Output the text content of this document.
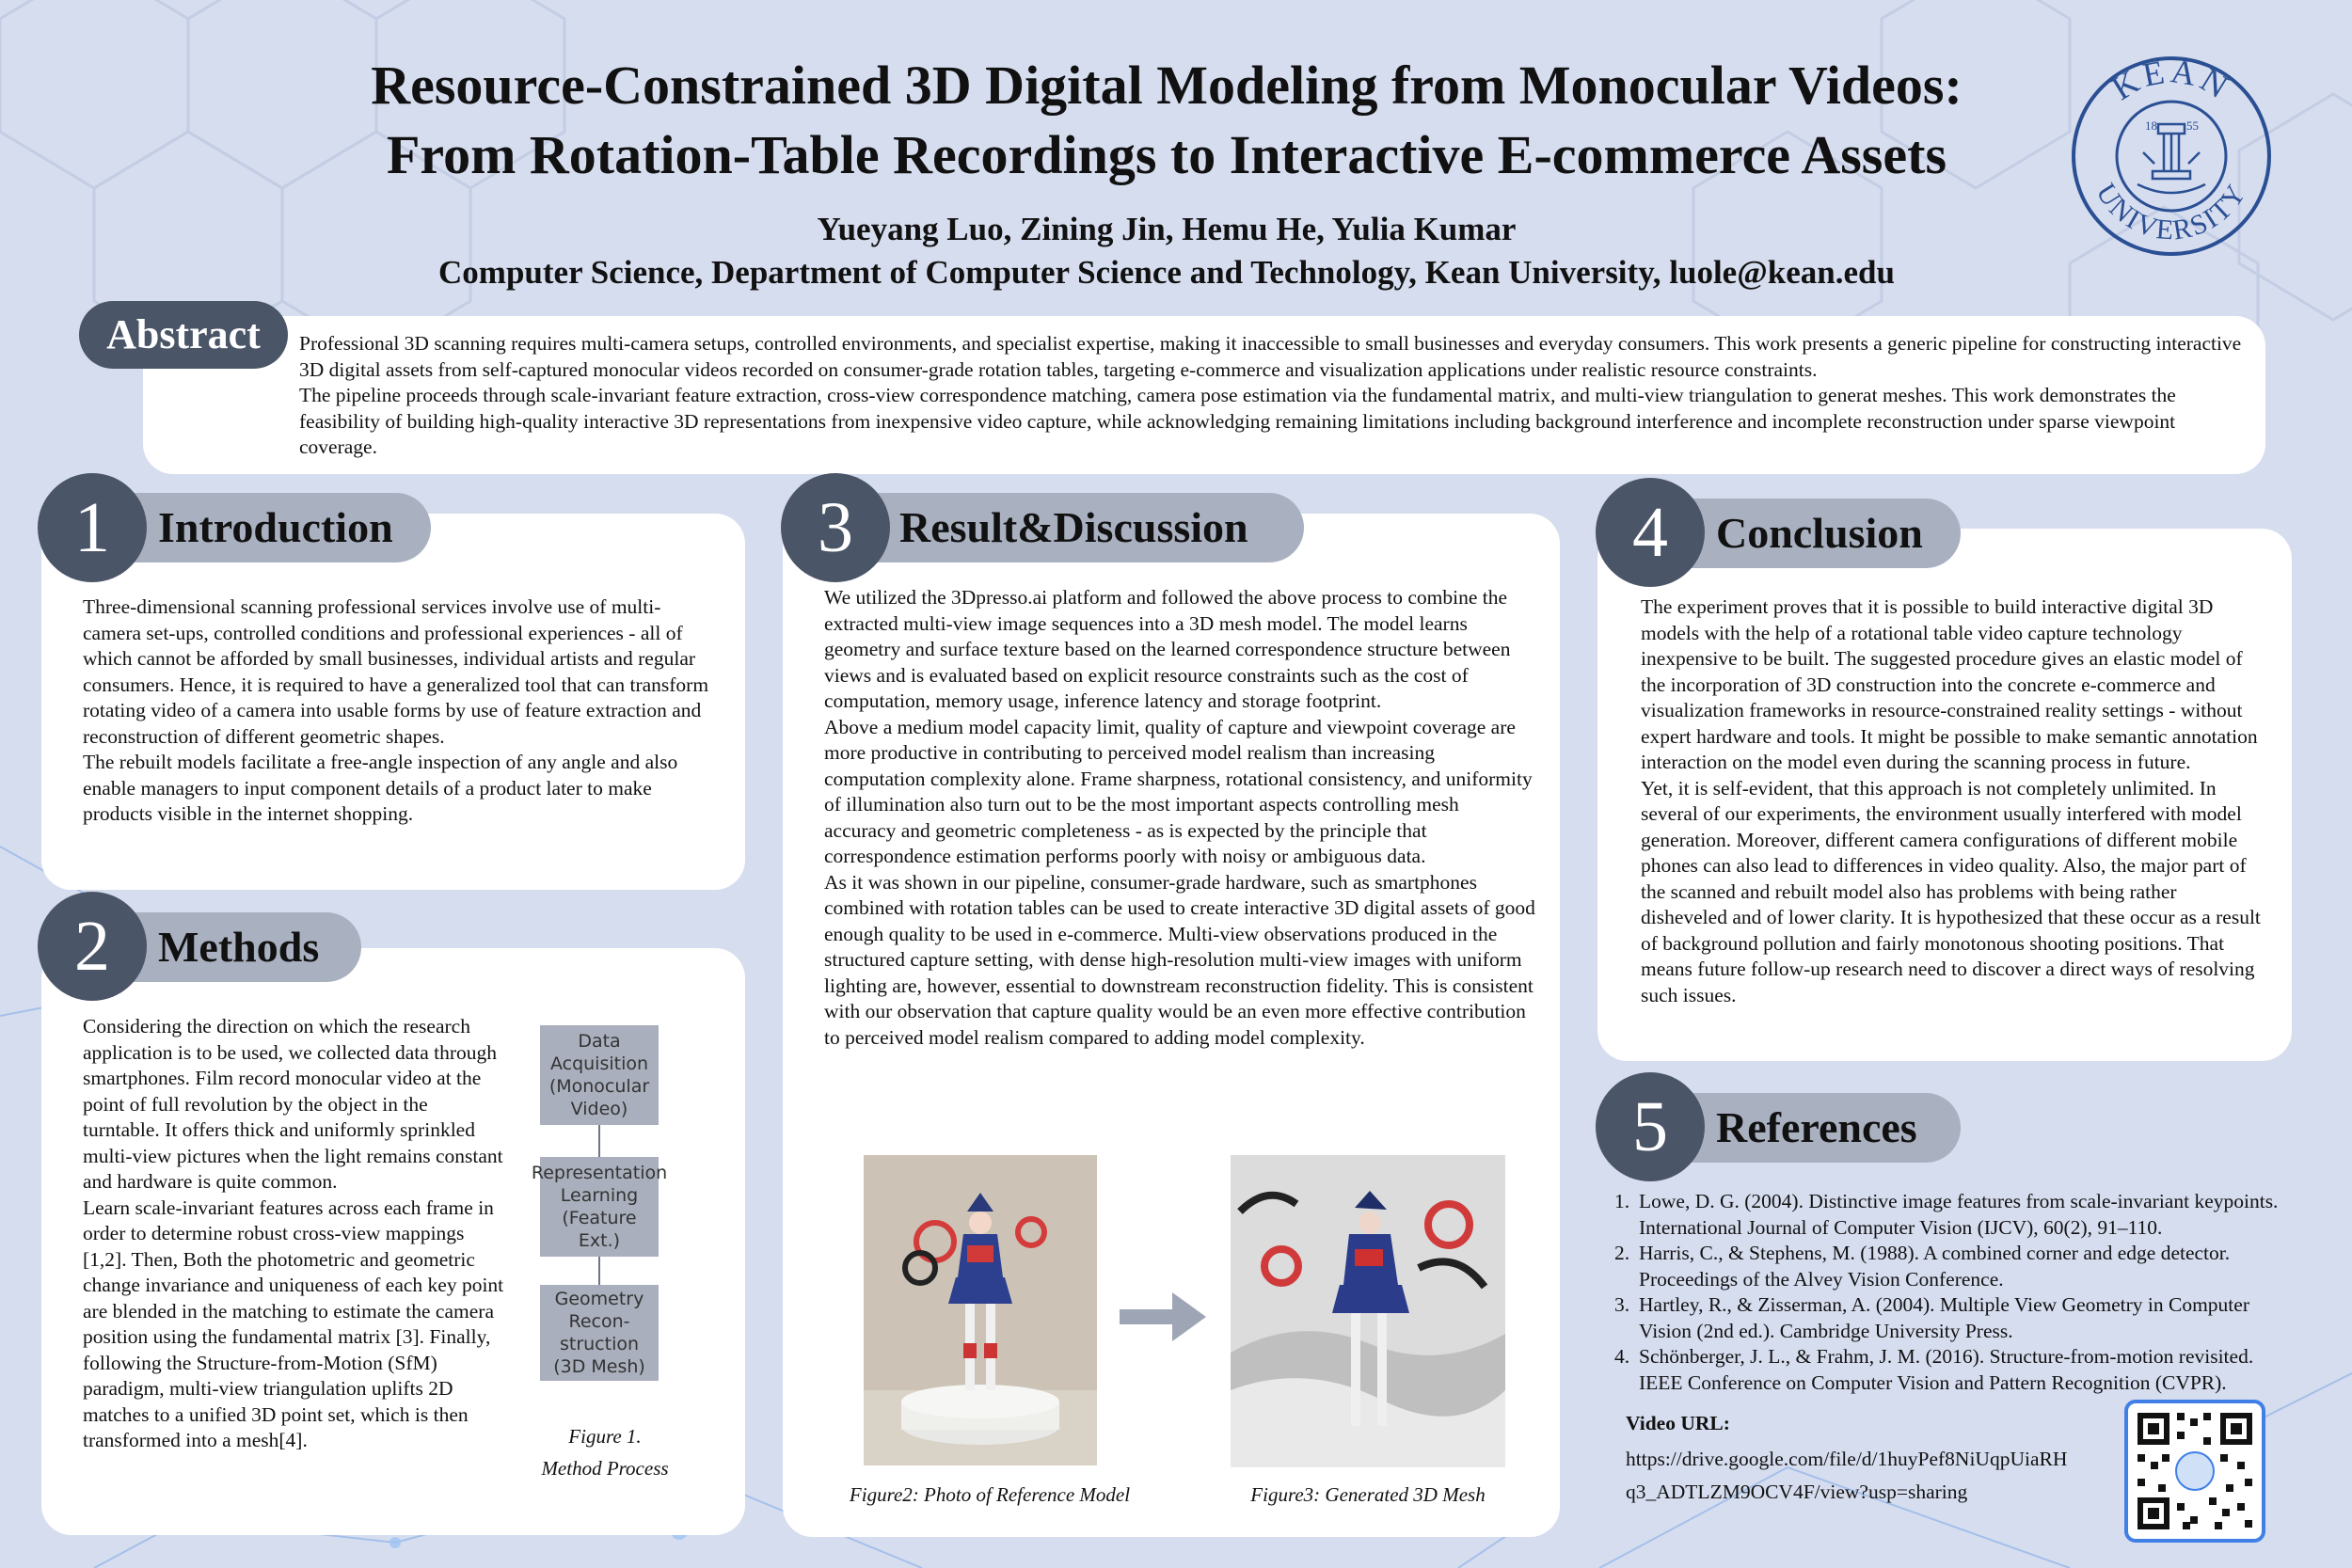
Resource-Constrained 3D Digital Modeling from Monocular Videos:
From Rotation-Table Recordings to Interactive E-commerce Assets
Yueyang Luo, Zining Jin, Hemu He, Yulia Kumar
Computer Science, Department of Computer Science and Technology, Kean University, luole@kean.edu
KEAN
UNIVERSITY
18 55
Abstract	Professional 3D scanning requires multi-camera setups, controlled environments, and specialist expertise, making it inaccessible to small businesses and everyday consumers. This work presents a generic pipeline for constructing interactive 3D digital assets from self-captured monocular videos recorded on consumer-grade rotation tables, targeting e-commerce and visualization applications under realistic resource constraints.

The pipeline proceeds through scale-invariant feature extraction, cross-view correspondence matching, camera pose estimation via the fundamental matrix, and multi-view triangulation to generat meshes. This work demonstrates the feasibility of building high-quality interactive 3D representations from inexpensive video capture, while acknowledging remaining limitations including background interference and incomplete reconstruction under sparse viewpoint coverage.

Introduction
1

Three-dimensional scanning professional services involve use of multi-camera set-ups, controlled conditions and professional experiences - all of which cannot be afforded by small businesses, individual artists and regular consumers. Hence, it is required to have a generalized tool that can transform rotating video of a camera into usable forms by use of feature extraction and reconstruction of different geometric shapes.

The rebuilt models facilitate a free-angle inspection of any angle and also enable managers to input component details of a product later to make products visible in the internet shopping.

Methods
2

Considering the direction on which the research application is to be used, we collected data through smartphones. Film record monocular video at the point of full revolution by the object in the turntable. It offers thick and uniformly sprinkled multi-view pictures when the light remains constant and hardware is quite common.

Learn scale-invariant features across each frame in order to determine robust cross-view mappings [1,2]. Then, Both the photometric and geometric change invariance and uniqueness of each key point are blended in the matching to estimate the camera position using the fundamental matrix [3]. Finally, following the Structure-from-Motion (SfM) paradigm, multi-view triangulation uplifts 2D matches to a unified 3D point set, which is then transformed into a mesh[4].

Data
Acquisition
(Monocular
Video)
Representation
Learning
(Feature
Ext.)
Geometry
Recon-
struction
(3D Mesh)
Figure 1.
Method Process
Result&Discussion
3

We utilized the 3Dpresso.ai platform and followed the above process to combine the extracted multi-view image sequences into a 3D mesh model. The model learns geometry and surface texture based on the learned correspondence structure between views and is evaluated based on explicit resource constraints such as the cost of computation, memory usage, inference latency and storage footprint.

Above a medium model capacity limit, quality of capture and viewpoint coverage are more productive in contributing to perceived model realism than increasing computation complexity alone. Frame sharpness, rotational consistency, and uniformity of illumination also turn out to be the most important aspects controlling mesh accuracy and geometric completeness - as is expected by the principle that correspondence estimation performs poorly with noisy or ambiguous data.

As it was shown in our pipeline, consumer-grade hardware, such as smartphones combined with rotation tables can be used to create interactive 3D digital assets of good enough quality to be used in e-commerce. Multi-view observations produced in the structured capture setting, with dense high-resolution multi-view images with uniform lighting are, however, essential to downstream reconstruction fidelity. This is consistent with our observation that capture quality would be an even more effective contribution to perceived model realism compared to adding model complexity.

Figure2: Photo of Reference Model	Figure3: Generated 3D Mesh
Conclusion
4

The experiment proves that it is possible to build interactive digital 3D models with the help of a rotational table video capture technology inexpensive to be built. The suggested procedure gives an elastic model of the incorporation of 3D construction into the concrete e-commerce and visualization frameworks in resource-constrained reality settings - without expert hardware and tools. It might be possible to make semantic annotation interaction on the model even during the scanning process in future.

Yet, it is self-evident, that this approach is not completely unlimited. In several of our experiments, the environment usually interfered with model generation. Moreover, different camera configurations of different mobile phones can also lead to differences in video quality. Also, the major part of the scanned and rebuilt model also has problems with being rather disheveled and of lower clarity. It is hypothesized that these occur as a result of background pollution and fairly monotonous shooting positions. That means future follow-up research need to discover a direct ways of resolving such issues.

References
5
1. Lowe, D. G. (2004). Distinctive image features from scale-invariant keypoints. International Journal of Computer Vision (IJCV), 60(2), 91–110.
2. Harris, C., & Stephens, M. (1988). A combined corner and edge detector. Proceedings of the Alvey Vision Conference.
3. Hartley, R., & Zisserman, A. (2004). Multiple View Geometry in Computer Vision (2nd ed.). Cambridge University Press.
4. Schönberger, J. L., & Frahm, J. M. (2016). Structure-from-motion revisited. IEEE Conference on Computer Vision and Pattern Recognition (CVPR).
Video URL:
https://drive.google.com/file/d/1huyPef8NiUqpUiaRH
q3_ADTLZM9OCV4F/view?usp=sharing
